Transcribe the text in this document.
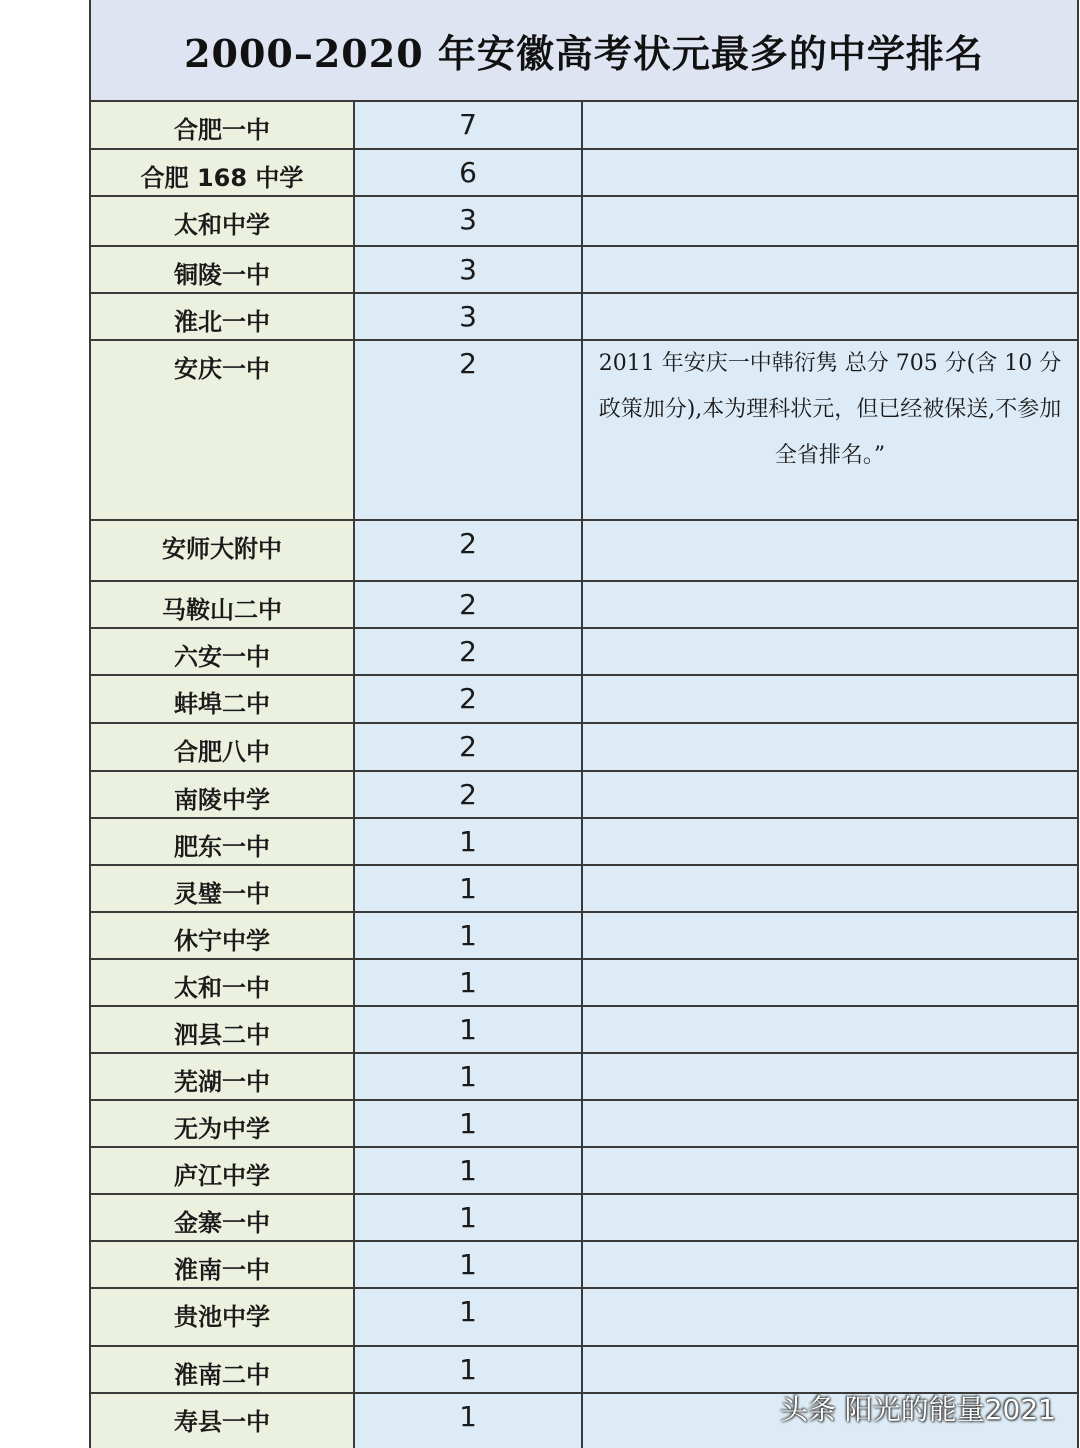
2000–2020 年安徽高考状元最多的中学排名
合肥一中	7
合肥 168 中学	6
太和中学	3
铜陵一中	3
淮北一中	3
安庆一中	2	2011 年安庆一中韩衍隽 总分 705 分(含 10 分政策加分),本为理科状元，但已经被保送,不参加全省排名。”
安师大附中	2
马鞍山二中	2
六安一中	2
蚌埠二中	2
合肥八中	2
南陵中学	2
肥东一中	1
灵璧一中	1
休宁中学	1
太和一中	1
泗县二中	1
芜湖一中	1
无为中学	1
庐江中学	1
金寨一中	1
淮南一中	1
贵池中学	1
淮南二中	1
寿县一中	1	头条 阳光的能量2021
